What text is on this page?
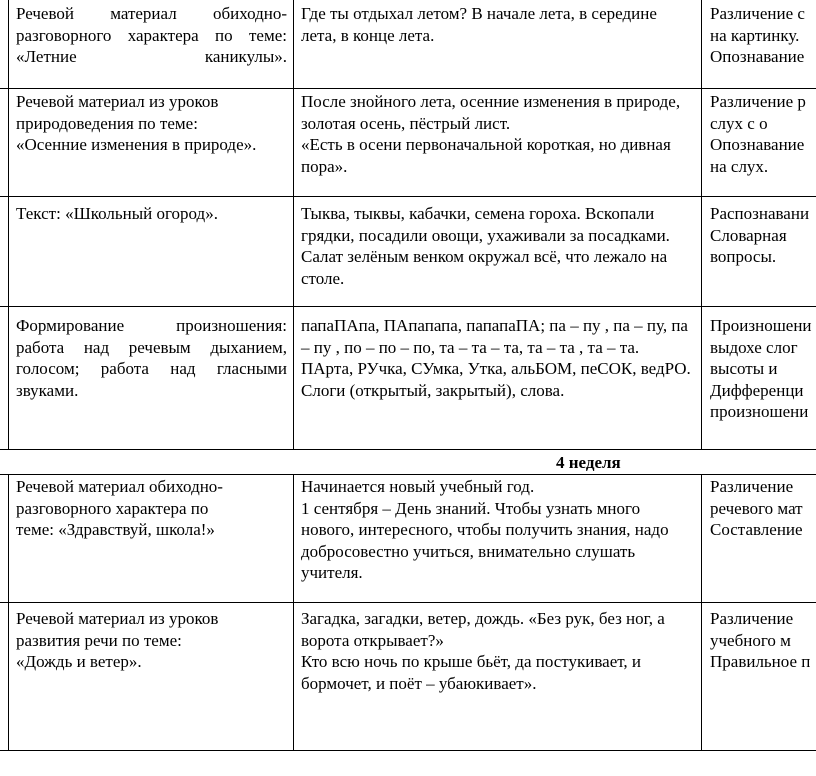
Речевой материал обиходно-разговорного характера по теме: «Летние каникулы».
Где ты отдыхал летом? В начале лета, в середине лета, в конце лета.
Различение с
на картинку.
Опознавание
Речевой материал из уроков природоведения по теме:
«Осенние изменения в природе».
После знойного лета, осенние изменения в природе, золотая осень, пёстрый лист.
«Есть в осени первоначальной короткая, но дивная пора».
Различение р
слух с о
Опознавание
на слух.
Текст: «Школьный огород».	Тыква, тыквы, кабачки, семена гороха. Вскопали грядки, посадили овощи, ухаживали за посадками. Салат зелёным венком окружал всё, что лежало на столе.
Распознавани
Словарная
вопросы.
Формирование произношения: работа над речевым дыханием, голосом; работа над гласными звуками.
папаПАпа, ПАпапапа, папапаПА; па – пу , па – пу, па – пу , по – по – по, та – та – та, та – та , та – та. ПАрта, РУчка, СУмка, Утка, альБОМ, пеСОК, ведРО. Слоги (открытый, закрытый), слова.
Произношени
выдохе слог
высоты и
Дифференци
произношени
4 неделя
Речевой материал обиходно-
разговорного характера по
теме: «Здравствуй, школа!»
Начинается новый учебный год.
1 сентября – День знаний. Чтобы узнать много нового, интересного, чтобы получить знания, надо добросовестно учиться, внимательно слушать учителя.
Различение
речевого мат
Составление
Речевой материал из уроков
развития речи по теме:
«Дождь и ветер».
Загадка, загадки, ветер, дождь. «Без рук, без ног, а ворота открывает?»
Кто всю ночь по крыше бьёт, да постукивает, и бормочет, и поёт – убаюкивает».
Различение
учебного м
Правильное п
